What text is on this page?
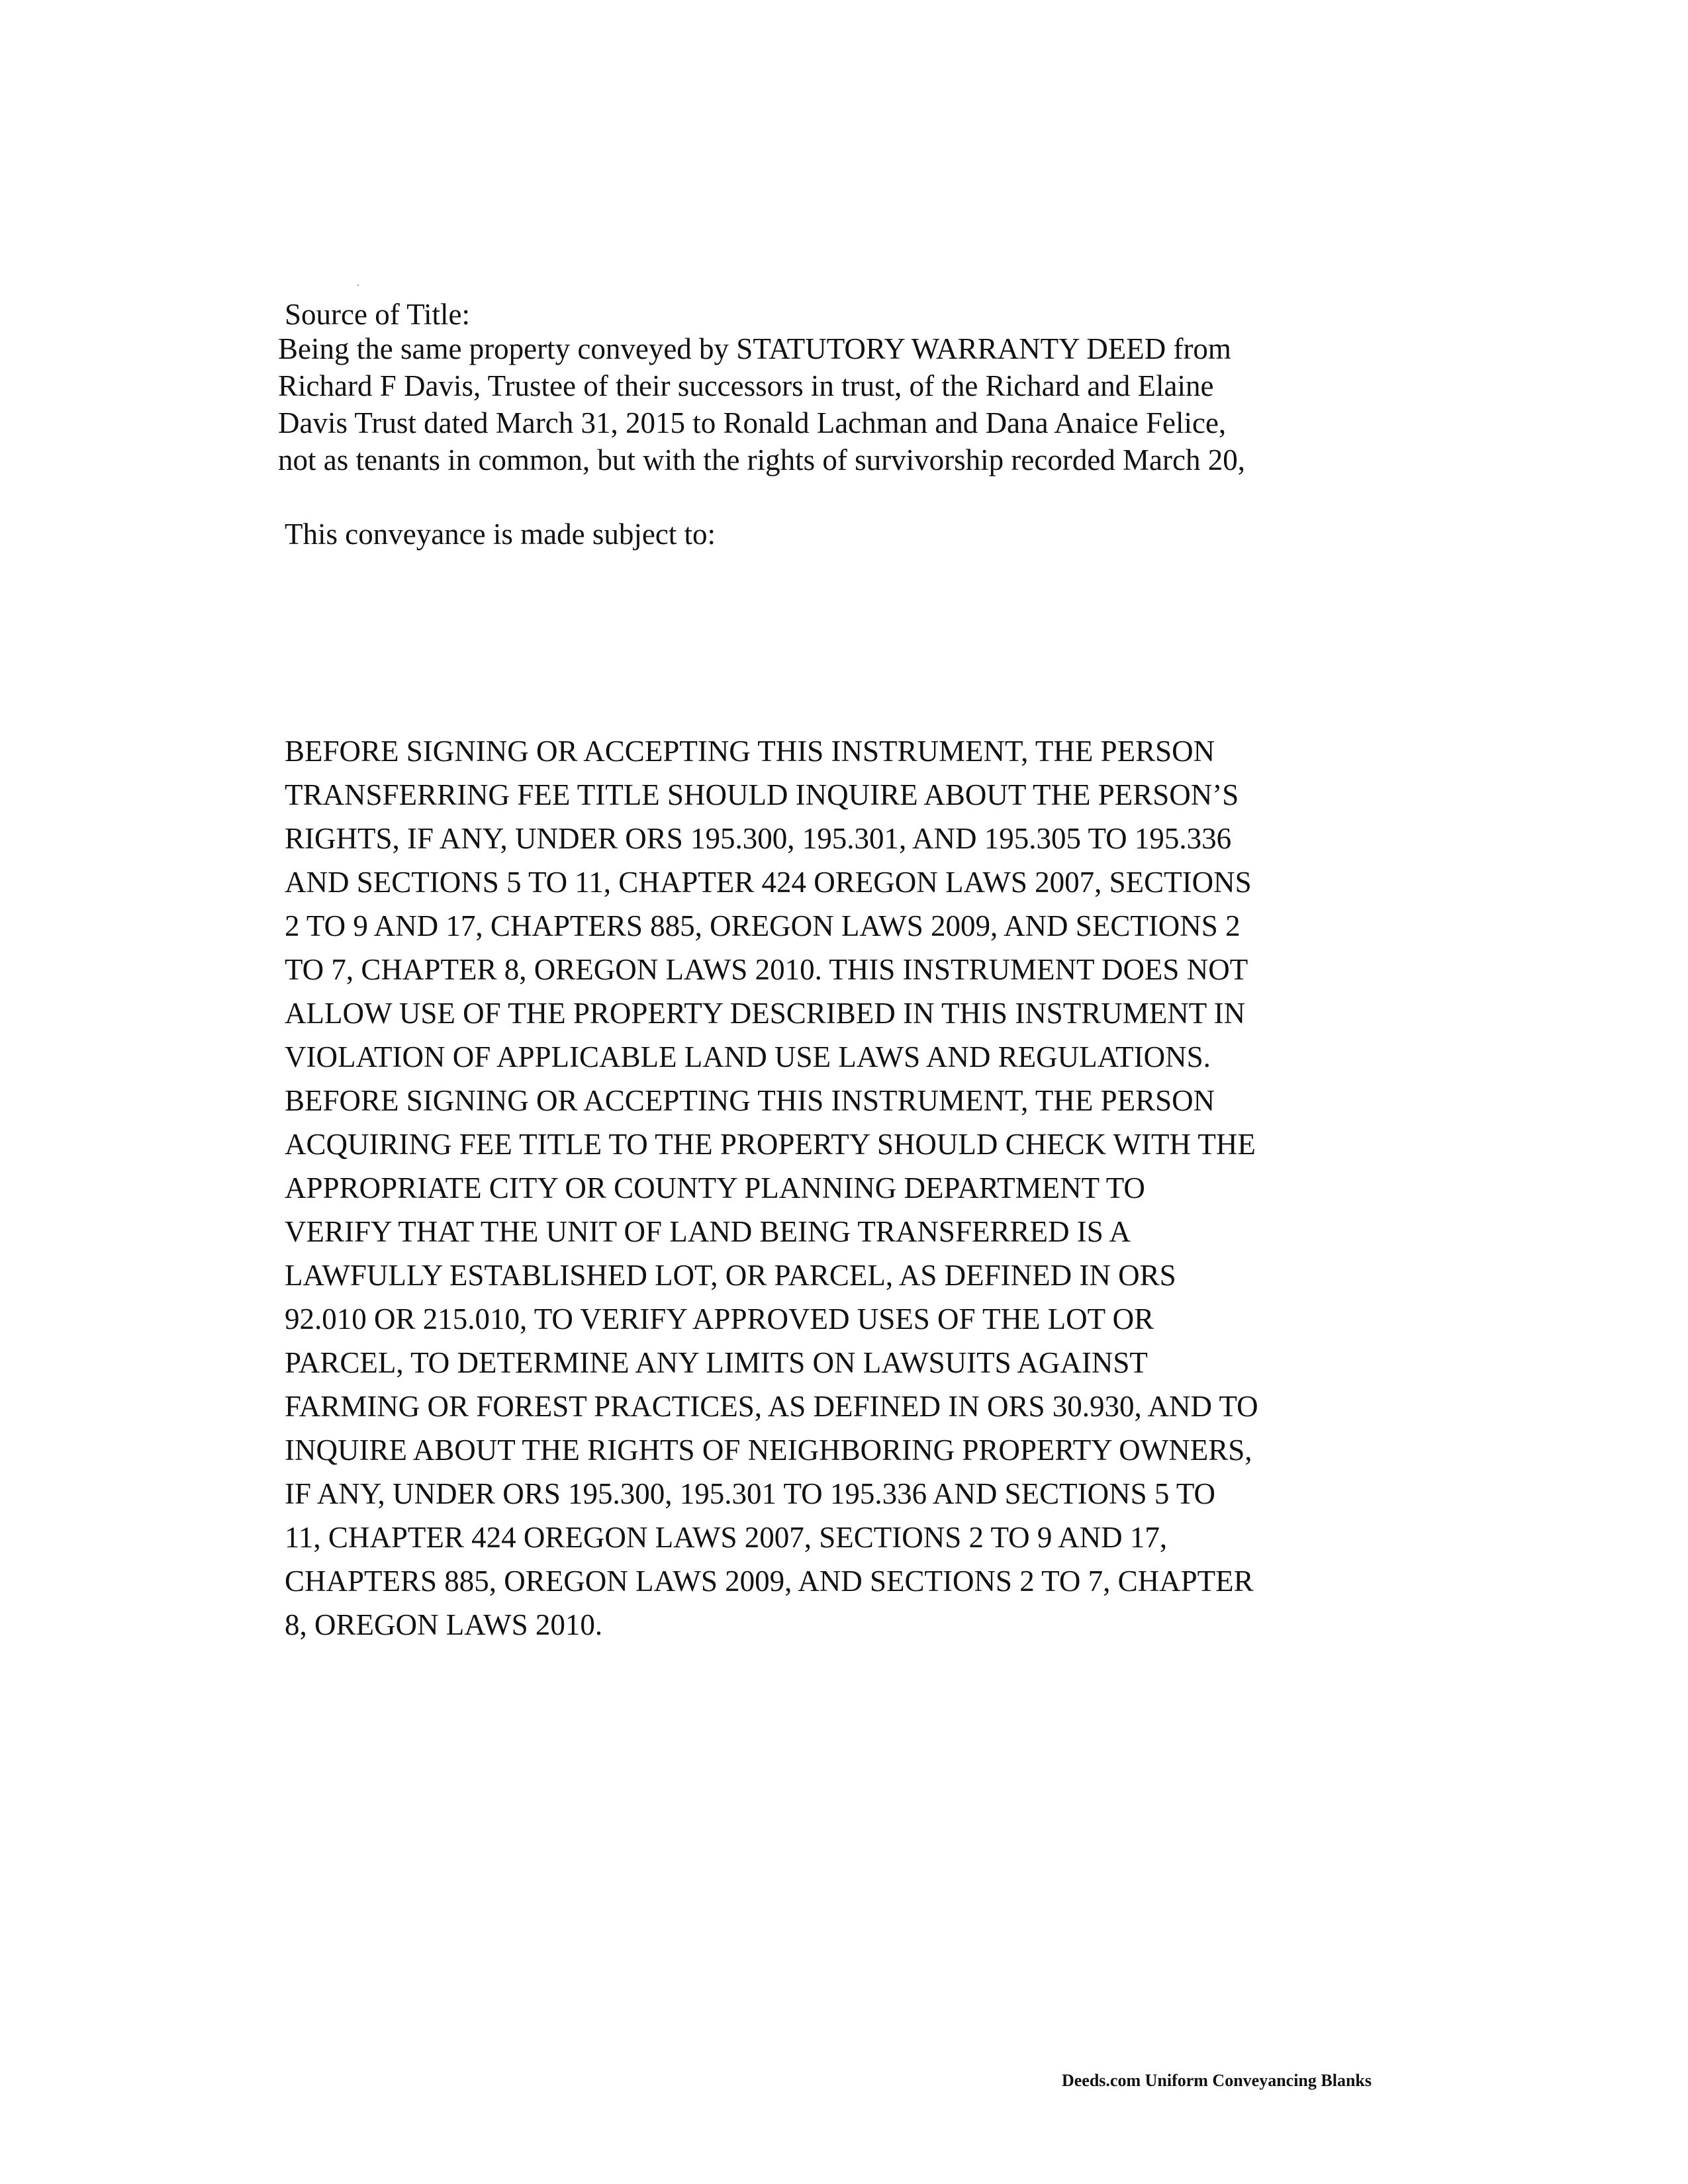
Source of Title:
Being the same property conveyed by STATUTORY WARRANTY DEED from
Richard F Davis, Trustee of their successors in trust, of the Richard and Elaine
Davis Trust dated March 31, 2015 to Ronald Lachman and Dana Anaice Felice,
not as tenants in common, but with the rights of survivorship recorded March 20,
This conveyance is made subject to:
BEFORE SIGNING OR ACCEPTING THIS INSTRUMENT, THE PERSON
TRANSFERRING FEE TITLE SHOULD INQUIRE ABOUT THE PERSON’S
RIGHTS, IF ANY, UNDER ORS 195.300, 195.301, AND 195.305 TO 195.336
AND SECTIONS 5 TO 11, CHAPTER 424 OREGON LAWS 2007, SECTIONS
2 TO 9 AND 17, CHAPTERS 885, OREGON LAWS 2009, AND SECTIONS 2
TO 7, CHAPTER 8, OREGON LAWS 2010. THIS INSTRUMENT DOES NOT
ALLOW USE OF THE PROPERTY DESCRIBED IN THIS INSTRUMENT IN
VIOLATION OF APPLICABLE LAND USE LAWS AND REGULATIONS.
BEFORE SIGNING OR ACCEPTING THIS INSTRUMENT, THE PERSON
ACQUIRING FEE TITLE TO THE PROPERTY SHOULD CHECK WITH THE
APPROPRIATE CITY OR COUNTY PLANNING DEPARTMENT TO
VERIFY THAT THE UNIT OF LAND BEING TRANSFERRED IS A
LAWFULLY ESTABLISHED LOT, OR PARCEL, AS DEFINED IN ORS
92.010 OR 215.010, TO VERIFY APPROVED USES OF THE LOT OR
PARCEL, TO DETERMINE ANY LIMITS ON LAWSUITS AGAINST
FARMING OR FOREST PRACTICES, AS DEFINED IN ORS 30.930, AND TO
INQUIRE ABOUT THE RIGHTS OF NEIGHBORING PROPERTY OWNERS,
IF ANY, UNDER ORS 195.300, 195.301 TO 195.336 AND SECTIONS 5 TO
11, CHAPTER 424 OREGON LAWS 2007, SECTIONS 2 TO 9 AND 17,
CHAPTERS 885, OREGON LAWS 2009, AND SECTIONS 2 TO 7, CHAPTER
8, OREGON LAWS 2010.
Deeds.com Uniform Conveyancing Blanks
